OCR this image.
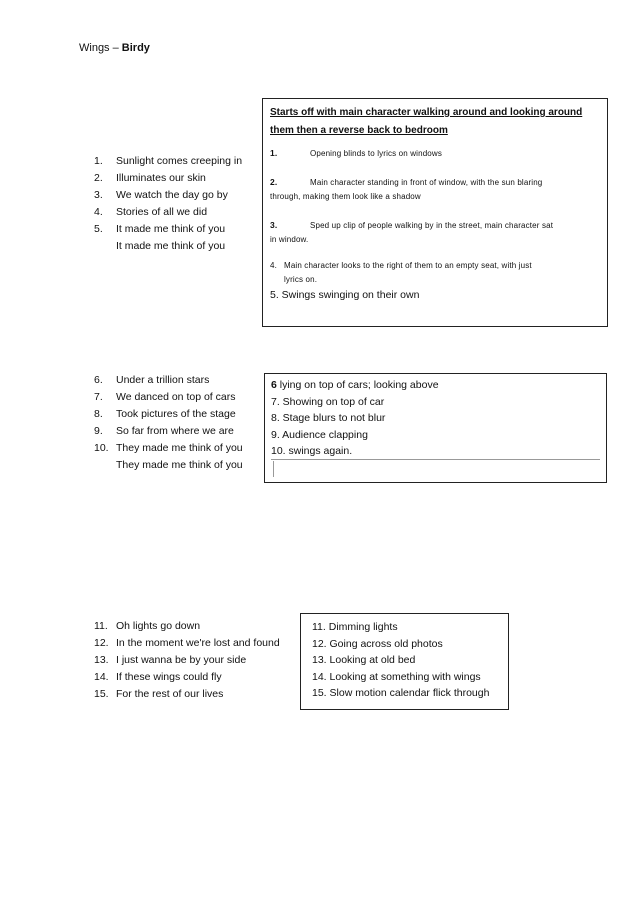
Wings – Birdy
1. Sunlight comes creeping in
2. Illuminates our skin
3. We watch the day go by
4. Stories of all we did
5. It made me think of you
It made me think of you
Starts off with main character walking around and looking around them then a reverse back to bedroom
1.	Opening blinds to lyrics on windows
2.	Main character standing in front of window, with the sun blaring
through, making them look like a shadow
3.	Sped up clip of people walking by in the street, main character sat
in window.
4. Main character looks to the right of them to an empty seat, with just
lyrics on.
5. Swings swinging on their own
6. Under a trillion stars
7. We danced on top of cars
8. Took pictures of the stage
9. So far from where we are
10. They made me think of you
They made me think of you
6 lying on top of cars; looking above
7. Showing on top of car
8. Stage blurs to not blur
9. Audience clapping
10. swings again.
11. Oh lights go down
12. In the moment we're lost and found
13. I just wanna be by your side
14. If these wings could fly
15. For the rest of our lives
11. Dimming lights
12. Going across old photos
13. Looking at old bed
14. Looking at something with wings
15. Slow motion calendar flick through
